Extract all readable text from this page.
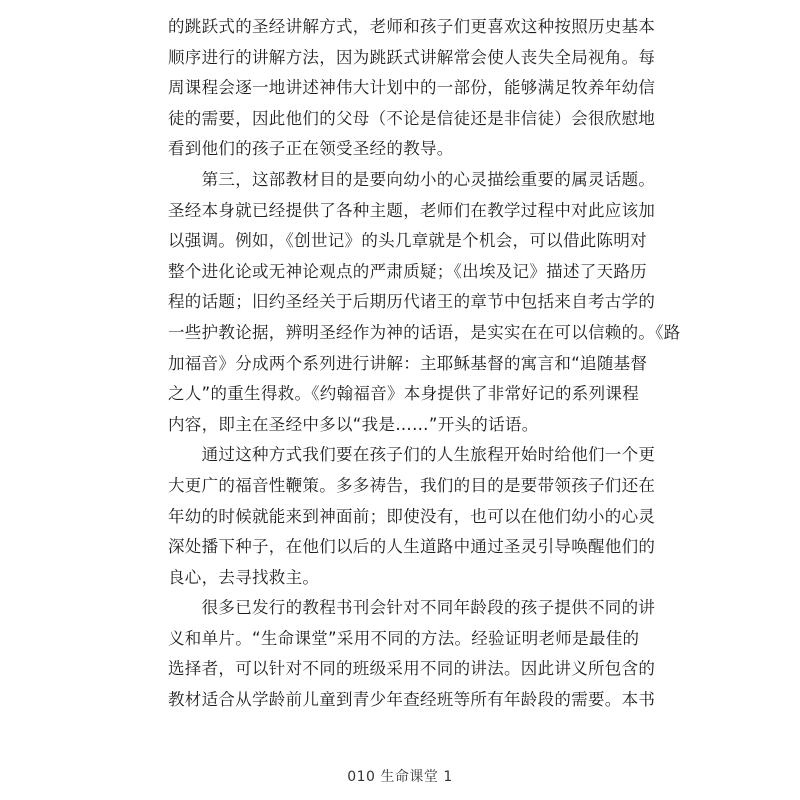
的跳跃式的圣经讲解方式，老师和孩子们更喜欢这种按照历史基本
顺序进行的讲解方法，因为跳跃式讲解常会使人丧失全局视角。每
周课程会逐一地讲述神伟大计划中的一部份，能够满足牧养年幼信
徒的需要，因此他们的父母（不论是信徒还是非信徒）会很欣慰地
看到他们的孩子正在领受圣经的教导。
　　第三，这部教材目的是要向幼小的心灵描绘重要的属灵话题。
圣经本身就已经提供了各种主题，老师们在教学过程中对此应该加
以强调。例如，《创世记》的头几章就是个机会，可以借此陈明对
整个进化论或无神论观点的严肃质疑；《出埃及记》描述了天路历
程的话题；旧约圣经关于后期历代诸王的章节中包括来自考古学的
一些护教论据，辨明圣经作为神的话语，是实实在在可以信赖的。《路
加福音》分成两个系列进行讲解：主耶稣基督的寓言和“追随基督
之人”的重生得救。《约翰福音》本身提供了非常好记的系列课程
内容，即主在圣经中多以“我是……”开头的话语。
　　通过这种方式我们要在孩子们的人生旅程开始时给他们一个更
大更广的福音性鞭策。多多祷告，我们的目的是要带领孩子们还在
年幼的时候就能来到神面前；即使没有，也可以在他们幼小的心灵
深处播下种子，在他们以后的人生道路中通过圣灵引导唤醒他们的
良心，去寻找救主。
　　很多已发行的教程书刊会针对不同年龄段的孩子提供不同的讲
义和单片。“生命课堂”采用不同的方法。经验证明老师是最佳的
选择者，可以针对不同的班级采用不同的讲法。因此讲义所包含的
教材适合从学龄前儿童到青少年查经班等所有年龄段的需要。本书
010 生命课堂 1
